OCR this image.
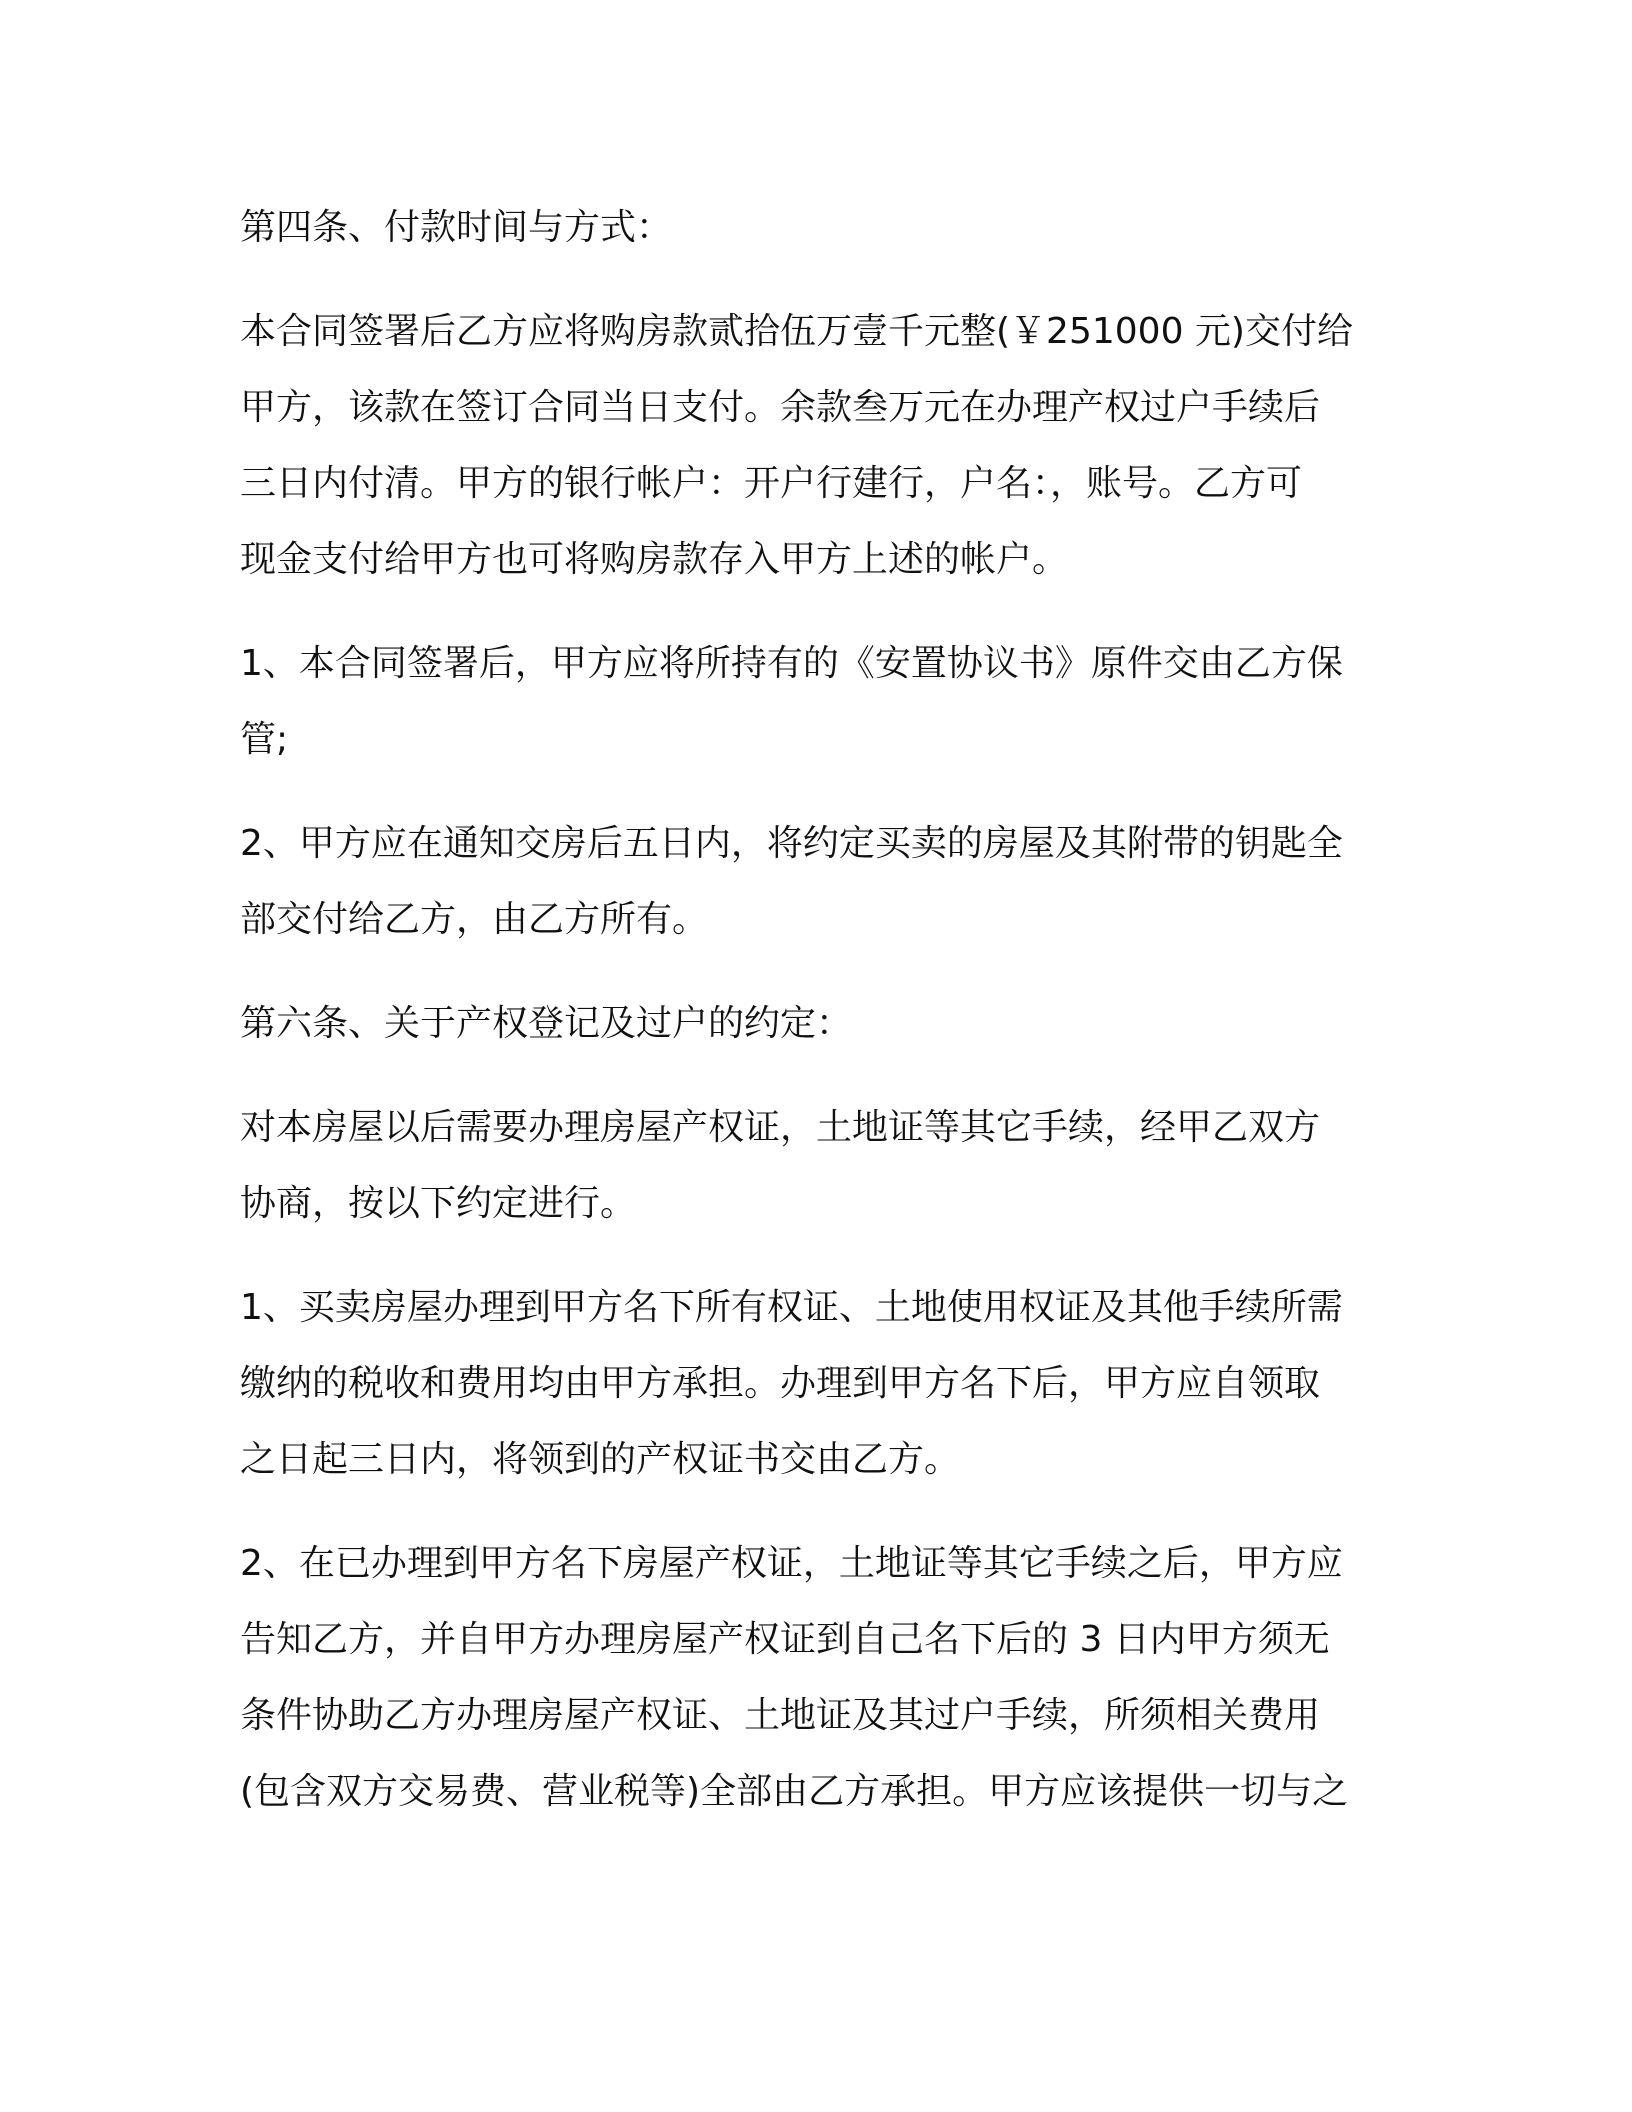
第四条、付款时间与方式：

本合同签署后乙方应将购房款贰拾伍万壹千元整(￥251000 元)交付给
甲方，该款在签订合同当日支付。余款叁万元在办理产权过户手续后
三日内付清。甲方的银行帐户：开户行建行，户名：，账号。乙方可
现金支付给甲方也可将购房款存入甲方上述的帐户。

1、本合同签署后，甲方应将所持有的《安置协议书》原件交由乙方保
管;

2、甲方应在通知交房后五日内，将约定买卖的房屋及其附带的钥匙全
部交付给乙方，由乙方所有。

第六条、关于产权登记及过户的约定：

对本房屋以后需要办理房屋产权证，土地证等其它手续，经甲乙双方
协商，按以下约定进行。

1、买卖房屋办理到甲方名下所有权证、土地使用权证及其他手续所需
缴纳的税收和费用均由甲方承担。办理到甲方名下后，甲方应自领取
之日起三日内，将领到的产权证书交由乙方。

2、在已办理到甲方名下房屋产权证，土地证等其它手续之后，甲方应
告知乙方，并自甲方办理房屋产权证到自己名下后的 3 日内甲方须无
条件协助乙方办理房屋产权证、土地证及其过户手续，所须相关费用
(包含双方交易费、营业税等)全部由乙方承担。甲方应该提供一切与之
